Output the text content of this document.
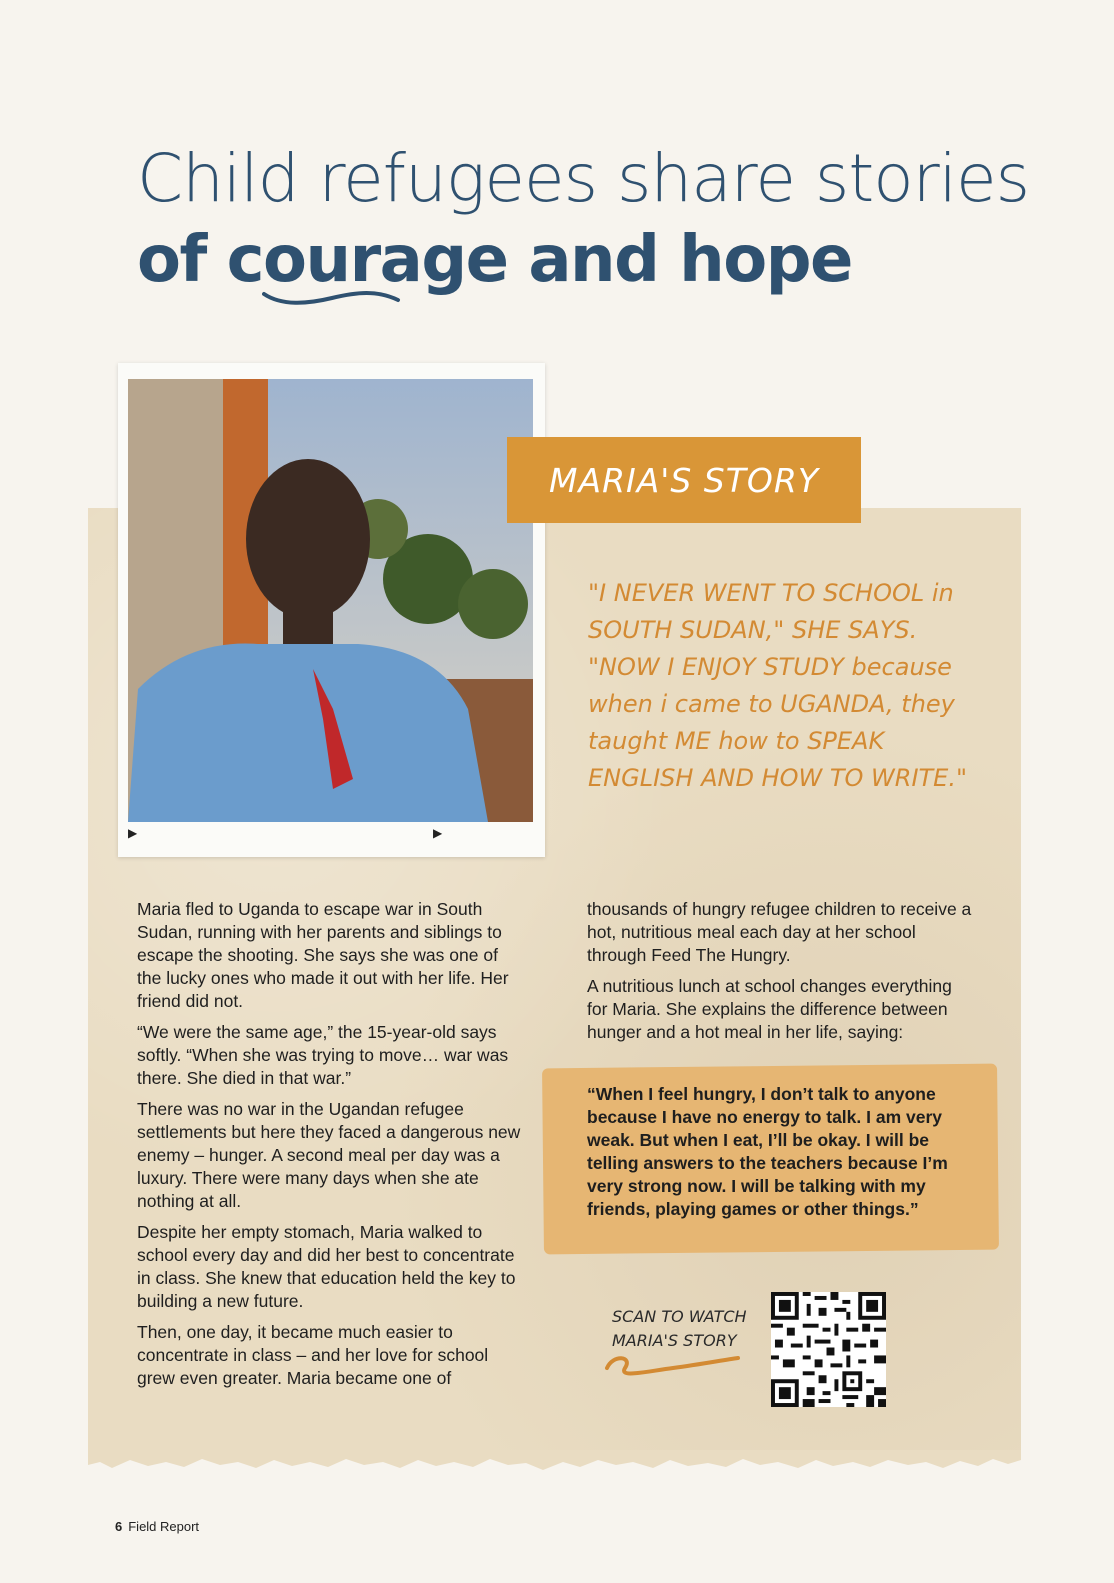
Child refugees share stories
of courage and hope
▶	▶
MARIA'S STORY

"I NEVER WENT TO SCHOOL in SOUTH SUDAN," SHE SAYS. "NOW I ENJOY STUDY because when i came to UGANDA, they taught ME how to SPEAK ENGLISH AND HOW TO WRITE."

Maria fled to Uganda to escape war in South Sudan, running with her parents and siblings to escape the shooting. She says she was one of the lucky ones who made it out with her life. Her friend did not.

“We were the same age,” the 15-year-old says softly. “When she was trying to move… war was there. She died in that war.”

There was no war in the Ugandan refugee settlements but here they faced a dangerous new enemy – hunger. A second meal per day was a luxury. There were many days when she ate nothing at all.

Despite her empty stomach, Maria walked to school every day and did her best to concentrate in class. She knew that education held the key to building a new future.

Then, one day, it became much easier to concentrate in class – and her love for school grew even greater. Maria became one of

thousands of hungry refugee children to receive a hot, nutritious meal each day at her school through Feed The Hungry.

A nutritious lunch at school changes everything for Maria. She explains the difference between hunger and a hot meal in her life, saying:

“When I feel hungry, I don’t talk to anyone because I have no energy to talk. I am very weak. But when I eat, I’ll be okay. I will be telling answers to the teachers because I’m very strong now. I will be talking with my friends, playing games or other things.”

SCAN TO WATCH
MARIA'S STORY

6 Field Report
